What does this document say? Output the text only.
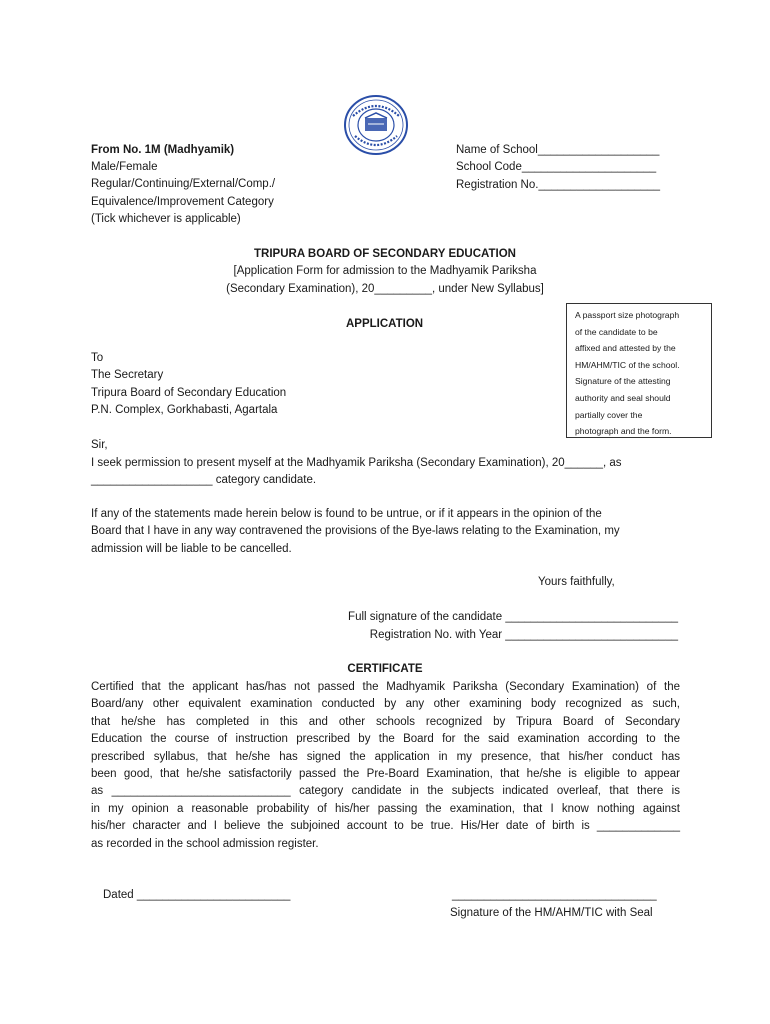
From No. 1M (Madhyamik)
Male/Female
Regular/Continuing/External/Comp./
Equivalence/Improvement Category
(Tick whichever is applicable)
Name of School___________________
School Code_____________________
Registration No.___________________
TRIPURA BOARD OF SECONDARY EDUCATION
[Application Form for admission to the Madhyamik Pariksha
(Secondary Examination), 20_________, under New Syllabus]
APPLICATION
A passport size photograph
of the candidate to be
affixed and attested by the
HM/AHM/TIC of the school.
Signature of the attesting
authority and seal should
partially cover the
photograph and the form.
To
The Secretary
Tripura Board of Secondary Education
P.N. Complex, Gorkhabasti, Agartala
Sir,
I seek permission to present myself at the Madhyamik Pariksha (Secondary Examination), 20______, as
___________________ category candidate.
If any of the statements made herein below is found to be untrue, or if it appears in the opinion of the
Board that I have in any way contravened the provisions of the Bye-laws relating to the Examination, my
admission will be liable to be cancelled.
Yours faithfully,
Full signature of the candidate ___________________________
Registration No. with Year ___________________________
CERTIFICATE
Certified that the applicant has/has not passed the Madhyamik Pariksha (Secondary Examination) of the
Board/any other equivalent examination conducted by any other examining body recognized as such,
that he/she has completed in this and other schools recognized by Tripura Board of Secondary
Education the course of instruction prescribed by the Board for the said examination according to the
prescribed syllabus, that he/she has signed the application in my presence, that his/her conduct has
been good, that he/she satisfactorily passed the Pre-Board Examination, that he/she is eligible to appear
as ____________________________ category candidate in the subjects indicated overleaf, that there is
in my opinion a reasonable probability of his/her passing the examination, that I know nothing against
his/her character and I believe the subjoined account to be true. His/Her date of birth is _____________
as recorded in the school admission register.
Dated ________________________	________________________________
Signature of the HM/AHM/TIC with Seal
